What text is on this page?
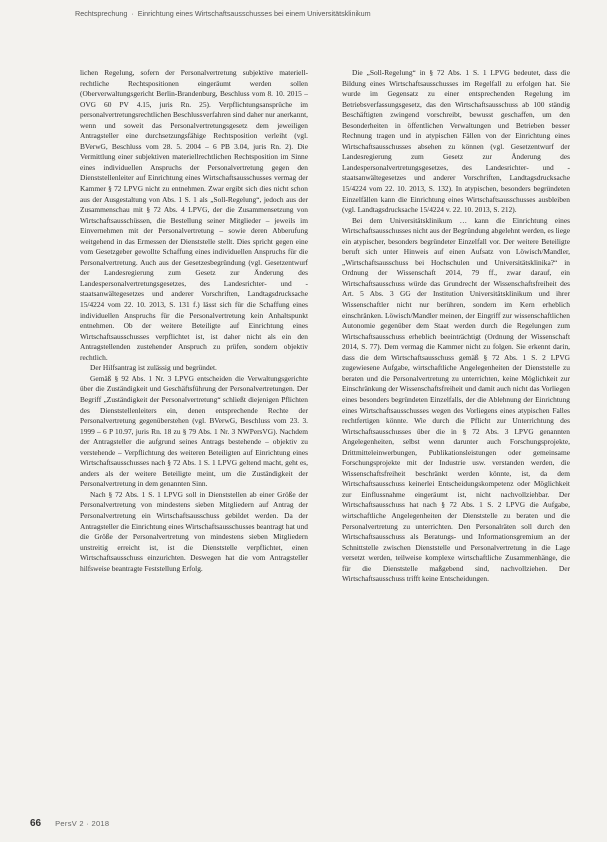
Rechtsprechung · Einrichtung eines Wirtschaftsausschusses bei einem Universitätsklinikum

lichen Regelung, sofern der Personalvertretung subjektive materiell-rechtliche Rechtspositionen eingeräumt werden sollen (Oberverwaltungsgericht Berlin-Brandenburg, Beschluss vom 8. 10. 2015 – OVG 60 PV 4.15, juris Rn. 25). Verpflichtungsansprüche im personalvertretungsrechtlichen Beschlussverfahren sind daher nur anerkannt, wenn und soweit das Personalvertretungsgesetz dem jeweiligen Antragsteller eine durchsetzungsfähige Rechtsposition verleiht (vgl. BVerwG, Beschluss vom 28. 5. 2004 – 6 PB 3.04, juris Rn. 2). Die Vermittlung einer subjektiven materiellrechtlichen Rechtsposition im Sinne eines individuellen Anspruchs der Personalvertretung gegen den Dienststellenleiter auf Einrichtung eines Wirtschaftsausschusses vermag der Kammer § 72 LPVG nicht zu entnehmen. Zwar ergibt sich dies nicht schon aus der Ausgestaltung von Abs. 1 S. 1 als „Soll-Regelung“, jedoch aus der Zusammenschau mit § 72 Abs. 4 LPVG, der die Zusammensetzung von Wirtschaftsausschüssen, die Bestellung seiner Mitglieder – jeweils im Einvernehmen mit der Personalvertretung – sowie deren Abberufung weitgehend in das Ermessen der Dienststelle stellt. Dies spricht gegen eine vom Gesetzgeber gewollte Schaffung eines individuellen Anspruchs für die Personalvertretung. Auch aus der Gesetzesbegründung (vgl. Gesetzentwurf der Landesregierung zum Gesetz zur Änderung des Landespersonalvertretungsgesetzes, des Landesrichter- und -staatsanwältegesetzes und anderer Vorschriften, Landtagsdrucksache 15/4224 vom 22. 10. 2013, S. 131 f.) lässt sich für die Schaffung eines individuellen Anspruchs für die Personalvertretung kein Anhaltspunkt entnehmen. Ob der weitere Beteiligte auf Einrichtung eines Wirtschaftsausschusses verpflichtet ist, ist daher nicht als ein den Antragstellenden zustehender Anspruch zu prüfen, sondern objektiv rechtlich.

Der Hilfsantrag ist zulässig und begründet.

Gemäß § 92 Abs. 1 Nr. 3 LPVG entscheiden die Verwaltungsgerichte über die Zuständigkeit und Geschäftsführung der Personalvertretungen. Der Begriff „Zuständigkeit der Personalvertretung“ schließt diejenigen Pflichten des Dienststellenleiters ein, denen entsprechende Rechte der Personalvertretung gegenüberstehen (vgl. BVerwG, Beschluss vom 23. 3. 1999 – 6 P 10.97, juris Rn. 18 zu § 79 Abs. 1 Nr. 3 NWPersVG). Nachdem der Antragsteller die aufgrund seines Antrags bestehende – objektiv zu verstehende – Verpflichtung des weiteren Beteiligten auf Einrichtung eines Wirtschaftsausschusses nach § 72 Abs. 1 S. 1 LPVG geltend macht, geht es, anders als der weitere Beteiligte meint, um die Zuständigkeit der Personalvertretung in dem genannten Sinn.

Nach § 72 Abs. 1 S. 1 LPVG soll in Dienststellen ab einer Größe der Personalvertretung von mindestens sieben Mitgliedern auf Antrag der Personalvertretung ein Wirtschaftsausschuss gebildet werden. Da der Antragsteller die Einrichtung eines Wirtschaftsausschusses beantragt hat und die Größe der Personalvertretung von mindestens sieben Mitgliedern unstreitig erreicht ist, ist die Dienststelle verpflichtet, einen Wirtschaftsausschuss einzurichten. Deswegen hat die vom Antragsteller hilfsweise beantragte Feststellung Erfolg.

Die „Soll-Regelung“ in § 72 Abs. 1 S. 1 LPVG bedeutet, dass die Bildung eines Wirtschaftsausschusses im Regelfall zu erfolgen hat. Sie wurde im Gegensatz zu einer entsprechenden Regelung im Betriebsverfassungsgesetz, das den Wirtschaftsausschuss ab 100 ständig Beschäftigten zwingend vorschreibt, bewusst geschaffen, um den Besonderheiten in öffentlichen Verwaltungen und Betrieben besser Rechnung tragen und in atypischen Fällen von der Einrichtung eines Wirtschaftsausschusses absehen zu können (vgl. Gesetzentwurf der Landesregierung zum Gesetz zur Änderung des Landespersonalvertretungsgesetzes, des Landesrichter- und -staatsanwältegesetzes und anderer Vorschriften, Landtagsdrucksache 15/4224 vom 22. 10. 2013, S. 132). In atypischen, besonders begründeten Einzelfällen kann die Einrichtung eines Wirtschaftsausschusses ausbleiben (vgl. Landtagsdrucksache 15/4224 v. 22. 10. 2013, S. 212).

Bei dem Universitätsklinikum … kann die Einrichtung eines Wirtschaftsausschusses nicht aus der Begründung abgelehnt werden, es liege ein atypischer, besonders begründeter Einzelfall vor. Der weitere Beteiligte beruft sich unter Hinweis auf einen Aufsatz von Löwisch/Mandler, „Wirtschaftsausschuss bei Hochschulen und Universitätsklinika?“ in Ordnung der Wissenschaft 2014, 79 ff., zwar darauf, ein Wirtschaftsausschuss würde das Grundrecht der Wissenschaftsfreiheit des Art. 5 Abs. 3 GG der Institution Universitätsklinikum und ihrer Wissenschaftler nicht nur berühren, sondern im Kern erheblich einschränken. Löwisch/Mandler meinen, der Eingriff zur wissenschaftlichen Autonomie gegenüber dem Staat werden durch die Regelungen zum Wirtschaftsausschuss erheblich beeinträchtigt (Ordnung der Wissenschaft 2014, S. 77). Dem vermag die Kammer nicht zu folgen. Sie erkennt darin, dass die dem Wirtschaftsausschuss gemäß § 72 Abs. 1 S. 2 LPVG zugewiesene Aufgabe, wirtschaftliche Angelegenheiten der Dienststelle zu beraten und die Personalvertretung zu unterrichten, keine Möglichkeit zur Einschränkung der Wissenschaftsfreiheit und damit auch nicht das Vorliegen eines besonders begründeten Einzelfalls, der die Ablehnung der Einrichtung eines Wirtschaftsausschusses wegen des Vorliegens eines atypischen Falles rechtfertigen könnte. Wie durch die Pflicht zur Unterrichtung des Wirtschaftsausschusses über die in § 72 Abs. 3 LPVG genannten Angelegenheiten, selbst wenn darunter auch Forschungsprojekte, Drittmitteleinwerbungen, Publikationsleistungen oder gemeinsame Forschungsprojekte mit der Industrie usw. verstanden werden, die Wissenschaftsfreiheit beschränkt werden könnte, ist, da dem Wirtschaftsausschuss keinerlei Entscheidungskompetenz oder Möglichkeit zur Einflussnahme eingeräumt ist, nicht nachvollziehbar. Der Wirtschaftsausschuss hat nach § 72 Abs. 1 S. 2 LPVG die Aufgabe, wirtschaftliche Angelegenheiten der Dienststelle zu beraten und die Personalvertretung zu unterrichten. Den Personalräten soll durch den Wirtschaftsausschuss als Beratungs- und Informationsgremium an der Schnittstelle zwischen Dienststelle und Personalvertretung in die Lage versetzt werden, teilweise komplexe wirtschaftliche Zusammenhänge, die für die Dienststelle maßgebend sind, nachvollziehen. Der Wirtschaftsausschuss trifft keine Entscheidungen.

66 PersV 2 · 2018
